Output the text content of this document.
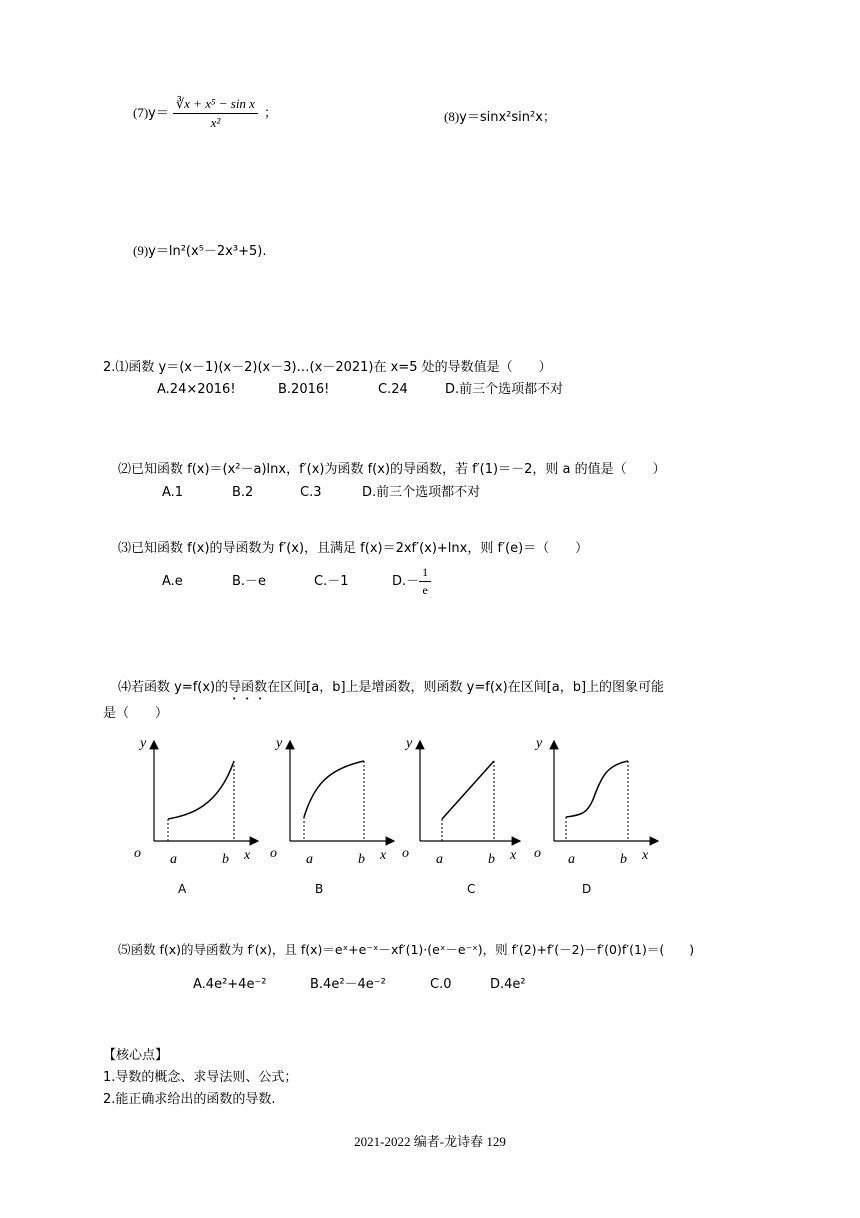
$(7)y= \frac{\text{∛x + x⁵ − sin x}}{\text{x²}}$ ；	(8)y＝sinx²sin²x；
(9)y＝ln²(x⁵－2x³+5).
2.⑴函数 y＝(x－1)(x－2)(x－3)…(x－2021)在 x=5 处的导数值是（　　）
A.24×2016!	B.2016!	C.24	D.前三个选项都不对
⑵已知函数 f(x)＝(x²－a)lnx，f′(x)为函数 f(x)的导函数，若 f′(1)＝－2，则 a 的值是（　　）
A.1	B.2	C.3	D.前三个选项都不对
⑶已知函数 f(x)的导函数为 f′(x)，且满足 f(x)＝2xf′(x)+lnx，则 f′(e)＝（　　）
A.e	B.－e	C.－1	$D.- \frac{1}{e}$
⑷若函数 y=f(x)的导函数在区间[a，b]上是增函数，则函数 y=f(x)在区间[a，b]上的图象可能
是（　　）
y
o a	b x
y
o a	b x
y
o a	b x
y
o a	b x
A	B	C	D
⑸函数 f(x)的导函数为 f′(x)，且 f(x)＝eˣ+e⁻ˣ－xf′(1)·(eˣ－e⁻ˣ)，则 f′(2)+f′(－2)－f′(0)f′(1)＝(　　)
A.4e²+4e⁻²	B.4e²－4e⁻²	C.0	D.4e²
【核心点】
1.导数的概念、求导法则、公式；
2.能正确求给出的函数的导数.
2021-2022 编者-龙诗春 129
